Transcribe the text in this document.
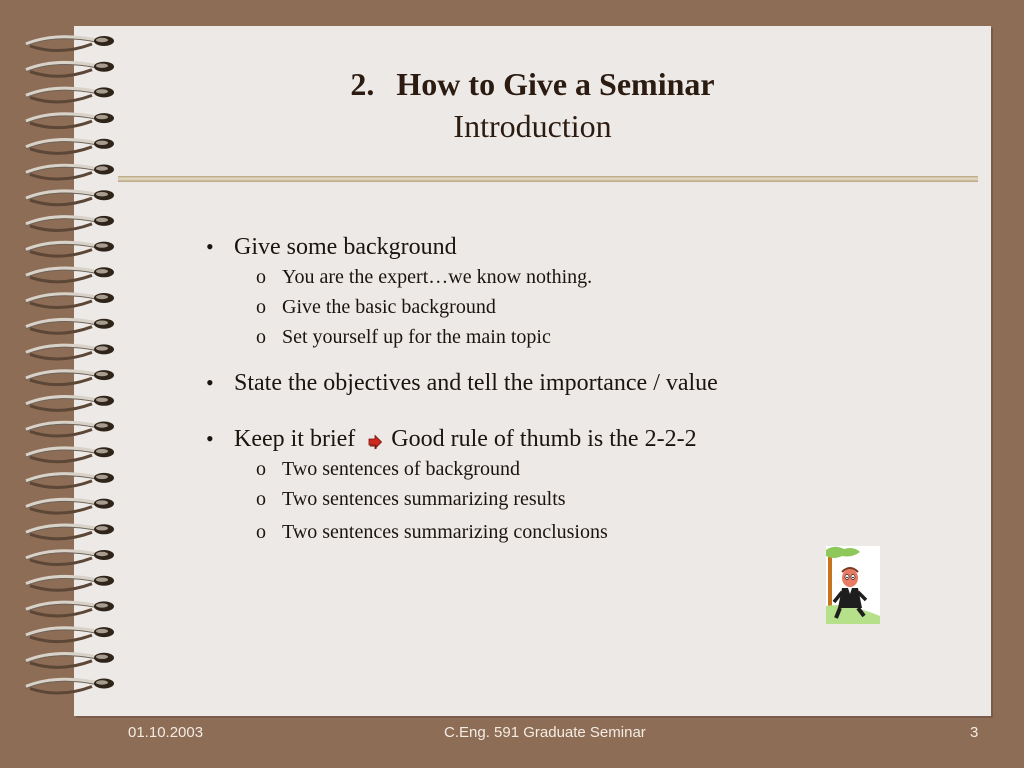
2. How to Give a Seminar
Introduction
• Give some background
o You are the expert…we know nothing.
o Give the basic background
o Set yourself up for the main topic
• State the objectives and tell the importance / value
• Keep it brief Good rule of thumb is the 2-2-2
o Two sentences of background
o Two sentences summarizing results
o Two sentences summarizing conclusions
01.10.2003	C.Eng. 591 Graduate Seminar	3
